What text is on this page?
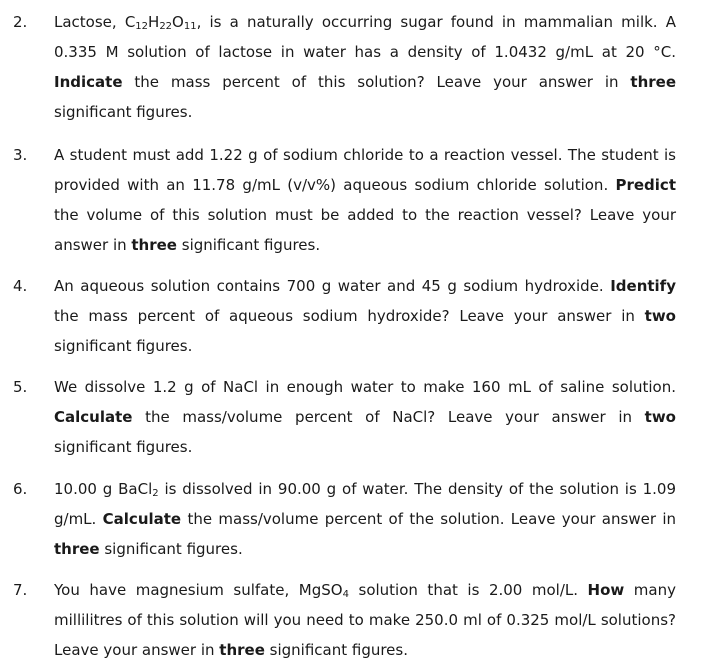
2. Lactose, $C_{12}H_{22}O_{11}$, is a naturally occurring sugar found in mammalian milk. A 0.335 M solution of lactose in water has a density of 1.0432 g/mL at 20 °C. Indicate the mass percent of this solution? Leave your answer in three significant figures.
3. A student must add 1.22 g of sodium chloride to a reaction vessel. The student is provided with an 11.78 g/mL (v/v%) aqueous sodium chloride solution. Predict the volume of this solution must be added to the reaction vessel? Leave your answer in three significant figures.
4. An aqueous solution contains 700 g water and 45 g sodium hydroxide. Identify the mass percent of aqueous sodium hydroxide? Leave your answer in two significant figures.
5. We dissolve 1.2 g of NaCl in enough water to make 160 mL of saline solution. Calculate the mass/volume percent of NaCl? Leave your answer in two significant figures.
6. 10.00 g BaCl$_2$ is dissolved in 90.00 g of water. The density of the solution is 1.09 g/mL. Calculate the mass/volume percent of the solution. Leave your answer in three significant figures.
7. You have magnesium sulfate, MgSO$_4$ solution that is 2.00 mol/L. How many millilitres of this solution will you need to make 250.0 ml of 0.325 mol/L solutions? Leave your answer in three significant figures.
